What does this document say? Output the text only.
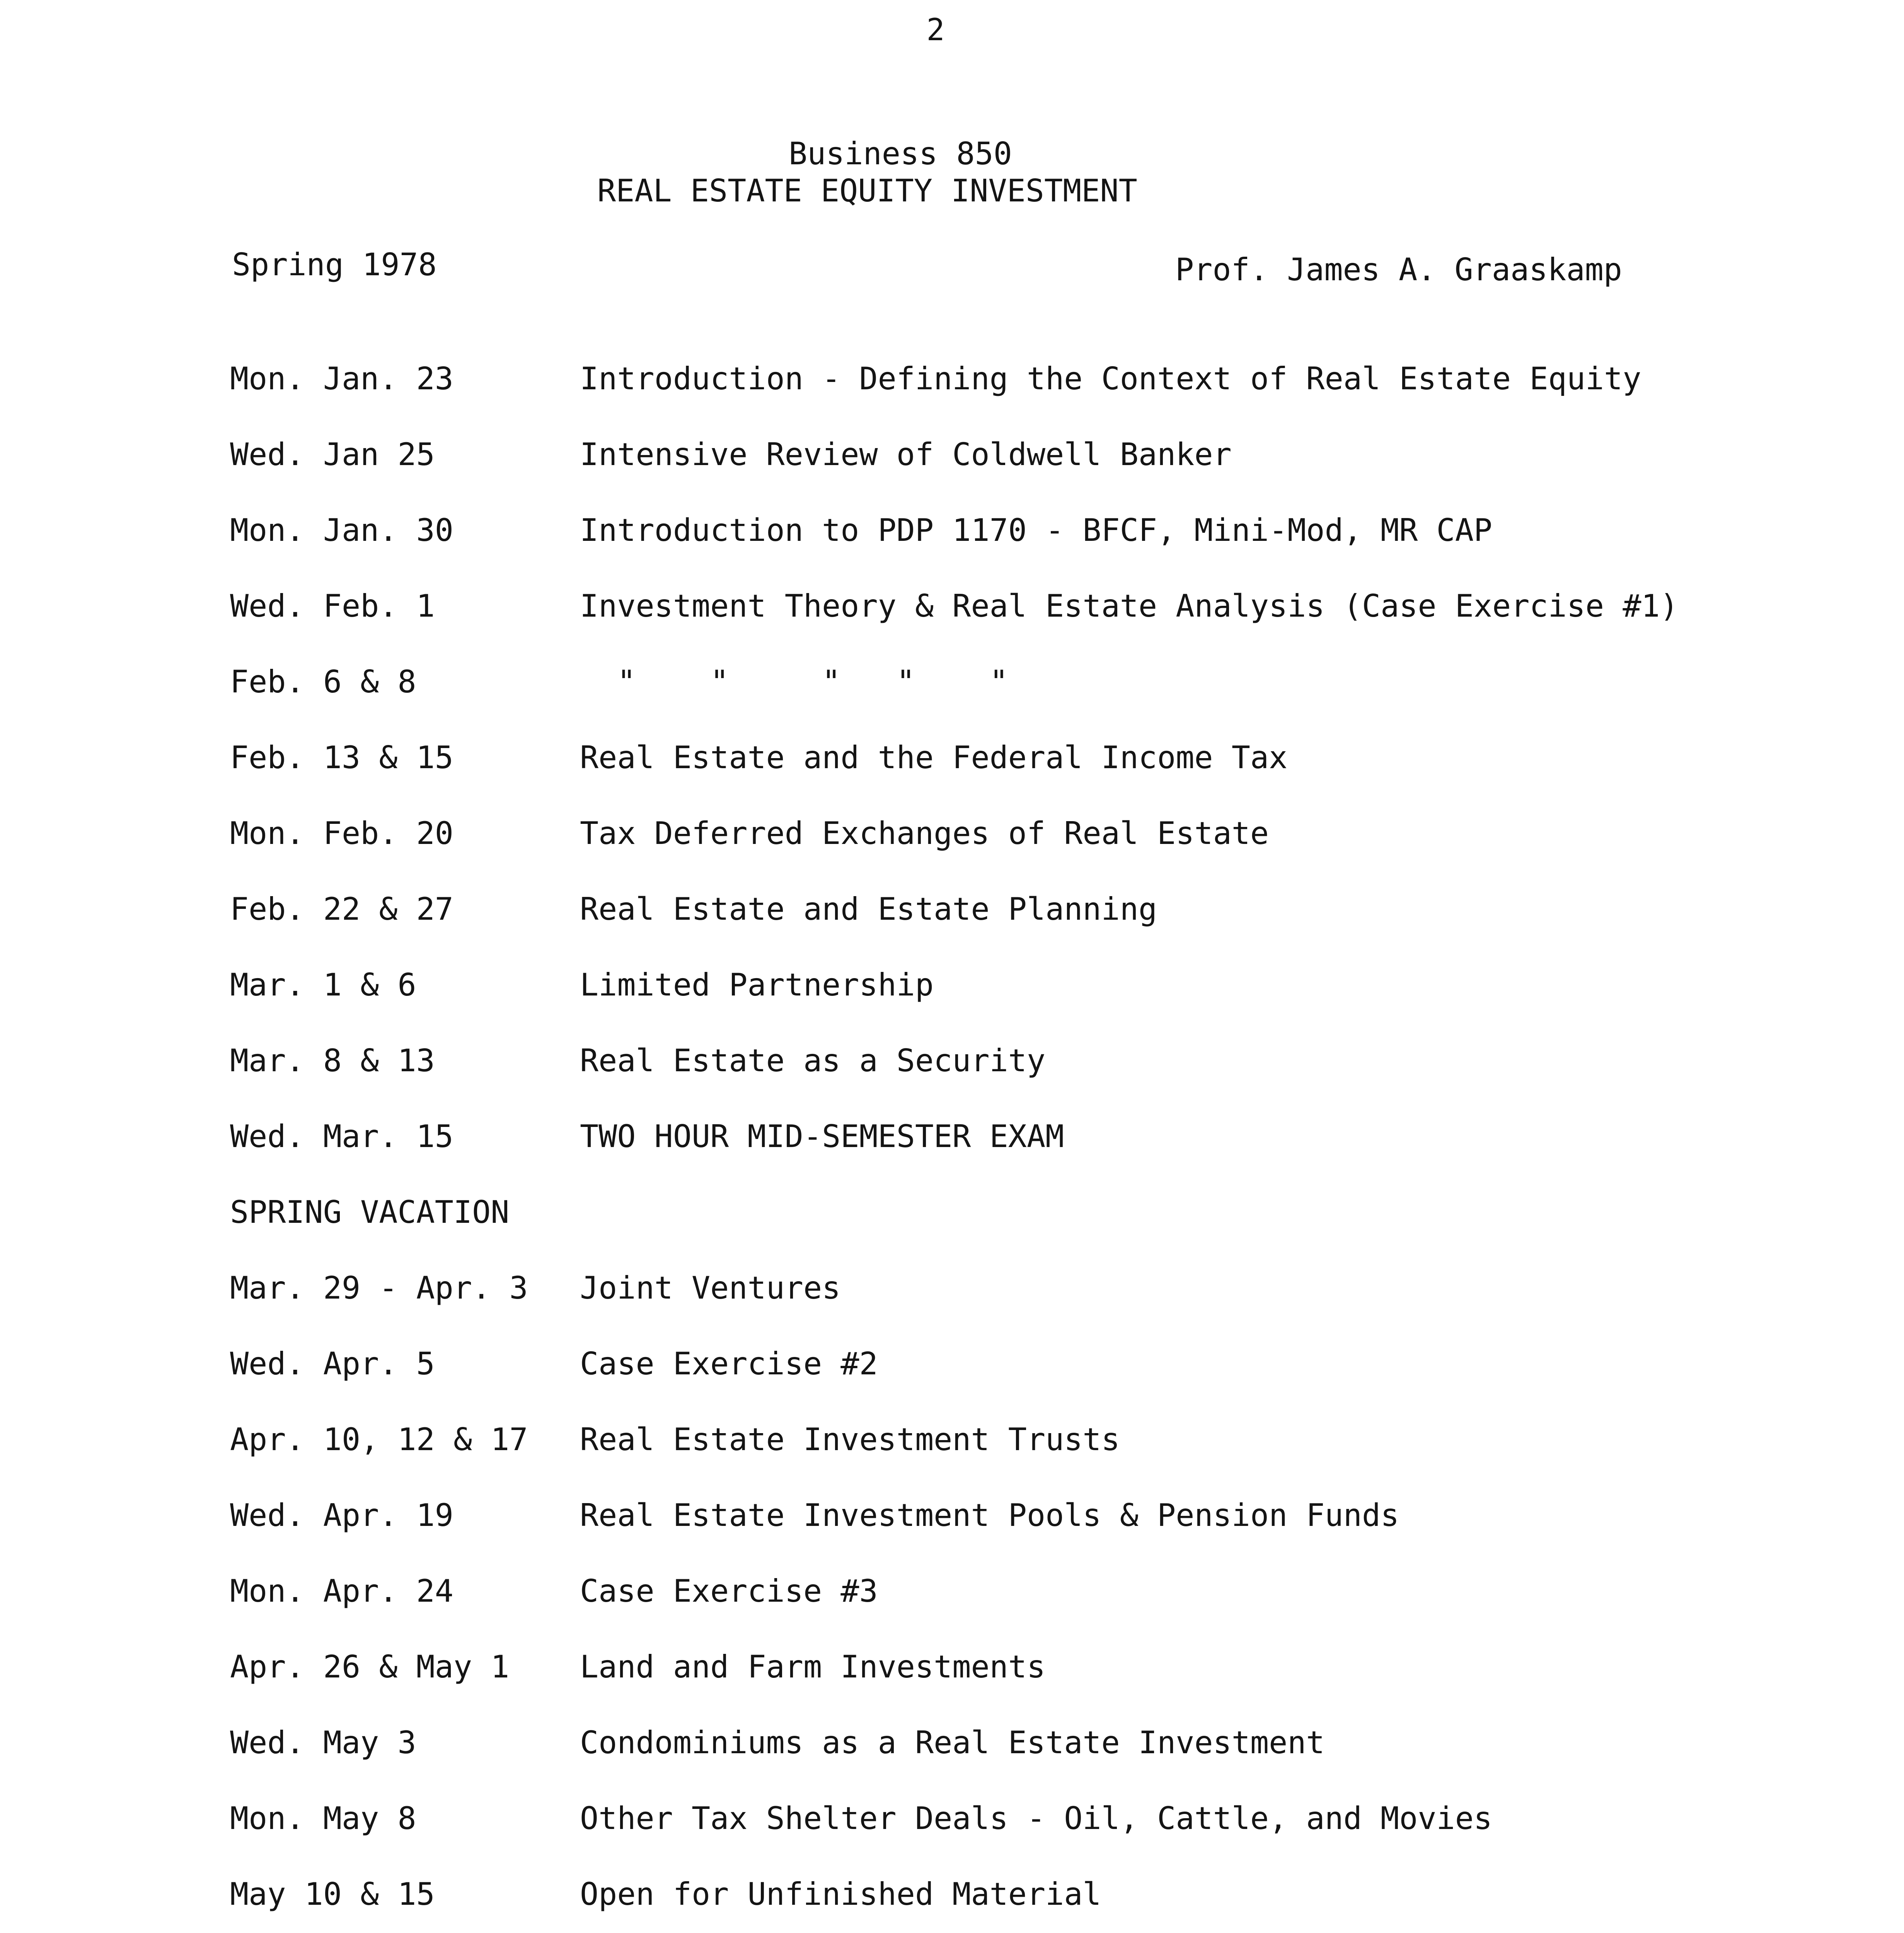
2
Business 850
REAL ESTATE EQUITY INVESTMENT
Spring 1978	Prof. James A. Graaskamp
Mon. Jan. 23	Introduction - Defining the Context of Real Estate Equity
Wed. Jan 25	Intensive Review of Coldwell Banker
Mon. Jan. 30	Introduction to PDP 1170 - BFCF, Mini-Mod, MR CAP
Wed. Feb. 1	Investment Theory & Real Estate Analysis (Case Exercise #1)
Feb. 6 & 8	"    "     "   "    "
Feb. 13 & 15	Real Estate and the Federal Income Tax
Mon. Feb. 20	Tax Deferred Exchanges of Real Estate
Feb. 22 & 27	Real Estate and Estate Planning
Mar. 1 & 6	Limited Partnership
Mar. 8 & 13	Real Estate as a Security
Wed. Mar. 15	TWO HOUR MID-SEMESTER EXAM
SPRING VACATION
Mar. 29 - Apr. 3 Joint Ventures
Wed. Apr. 5	Case Exercise #2
Apr. 10, 12 & 17 Real Estate Investment Trusts
Wed. Apr. 19	Real Estate Investment Pools & Pension Funds
Mon. Apr. 24	Case Exercise #3
Apr. 26 & May 1 Land and Farm Investments
Wed. May 3	Condominiums as a Real Estate Investment
Mon. May 8	Other Tax Shelter Deals - Oil, Cattle, and Movies
May 10 & 15	Open for Unfinished Material
